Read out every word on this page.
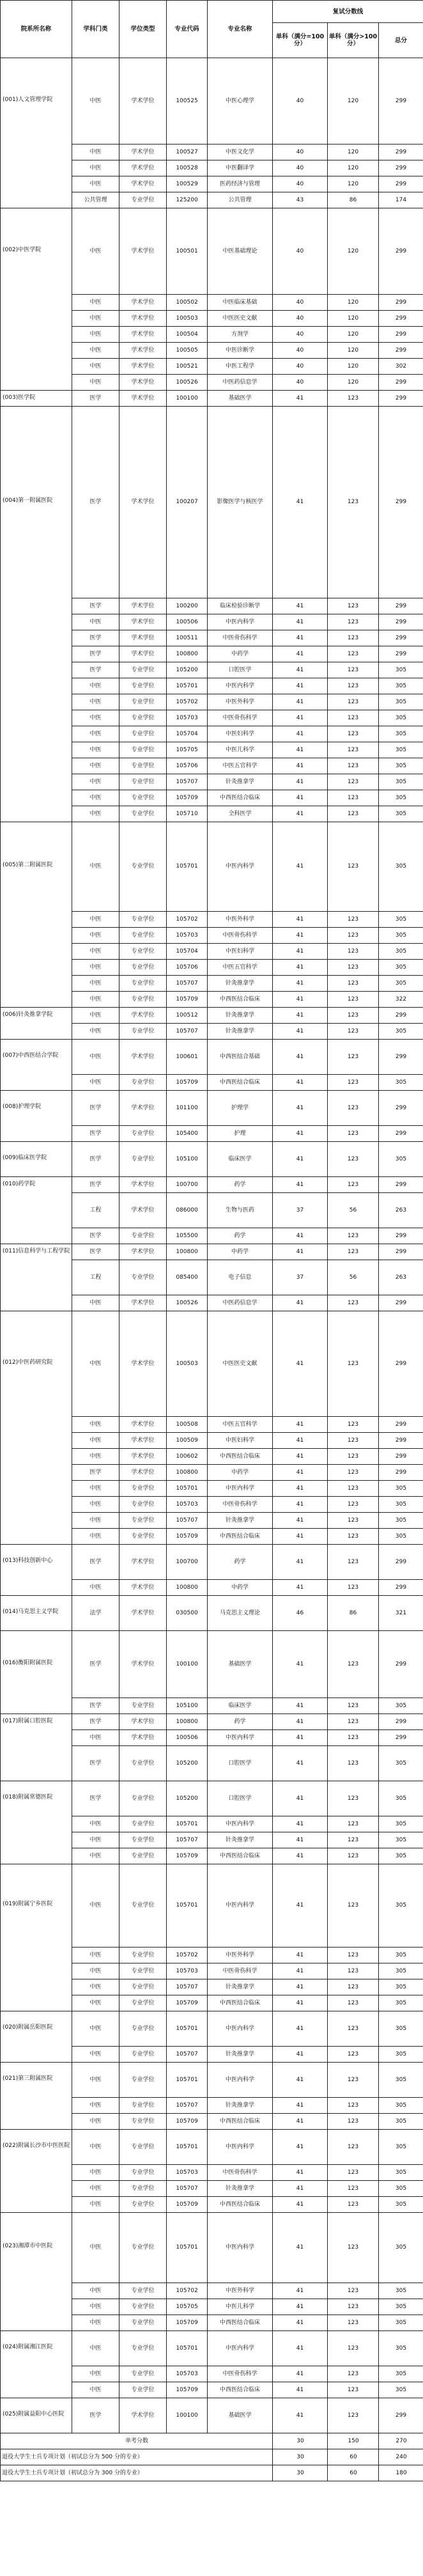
院系所名称	学科门类	学位类型	专业代码	专业名称	复试分数线		
					单科（满分=100 分）	单科（满分>100 分）	总分
(001)人文管理学院	中医	学术学位	100525	中医心理学	40	120	299
	中医	学术学位	100527	中医文化学	40	120	299
	中医	学术学位	100528	中医翻译学	40	120	299
	中医	学术学位	100529	医药经济与管理	40	120	299
	公共管理	专业学位	125200	公共管理	43	86	174
(002)中医学院	中医	学术学位	100501	中医基础理论	40	120	299
	中医	学术学位	100502	中医临床基础	40	120	299
	中医	学术学位	100503	中医医史文献	40	120	299
	中医	学术学位	100504	方剂学	40	120	299
	中医	学术学位	100505	中医诊断学	40	120	299
	中医	学术学位	100521	中医工程学	40	120	302
	中医	学术学位	100526	中医药信息学	40	120	299
(003)医学院	医学	学术学位	100100	基础医学	41	123	299
(004)第一附属医院	医学	学术学位	100207	影像医学与核医学	41	123	299
	医学	学术学位	100200	临床检验诊断学	41	123	299
	中医	学术学位	100506	中医内科学	41	123	299
	医学	学术学位	100511	中医骨伤科学	41	123	299
	医学	学术学位	100800	中药学	41	123	299
	医学	专业学位	105200	口腔医学	41	123	305
	中医	专业学位	105701	中医内科学	41	123	305
	中医	专业学位	105702	中医外科学	41	123	305
	中医	专业学位	105703	中医骨伤科学	41	123	305
	中医	专业学位	105704	中医妇科学	41	123	305
	中医	专业学位	105705	中医儿科学	41	123	305
	中医	专业学位	105706	中医五官科学	41	123	305
	中医	专业学位	105707	针灸推拿学	41	123	305
	中医	专业学位	105709	中西医结合临床	41	123	305
	中医	专业学位	105710	全科医学	41	123	305
(005)第二附属医院	中医	专业学位	105701	中医内科学	41	123	305
	中医	专业学位	105702	中医外科学	41	123	305
	中医	专业学位	105703	中医骨伤科学	41	123	305
	中医	专业学位	105704	中医妇科学	41	123	305
	中医	专业学位	105706	中医五官科学	41	123	305
	中医	专业学位	105707	针灸推拿学	41	123	305
	中医	专业学位	105709	中西医结合临床	41	123	322
(006)针灸推拿学院	中医	学术学位	100512	针灸推拿学	41	123	299
	中医	专业学位	105707	针灸推拿学	41	123	305
(007)中西医结合学院	中医	学术学位	100601	中西医结合基础	41	123	299
	中医	专业学位	105709	中西医结合临床	41	123	305
(008)护理学院	医学	学术学位	101100	护理学	41	123	299
	医学	专业学位	105400	护理	41	123	299
(009)临床医学院	医学	专业学位	105100	临床医学	41	123	305
(010)药学院	医学	学术学位	100700	药学	41	123	299
	工程	学术学位	086000	生物与医药	37	56	263
	医学	专业学位	105500	药学	41	123	299
(011)信息科学与工程学院	医学	学术学位	100800	中药学	41	123	299
	工程	专业学位	085400	电子信息	37	56	263
	中医	学术学位	100526	中医药信息学	41	123	299
(012)中医药研究院	中医	学术学位	100503	中医医史文献	41	123	299
	中医	学术学位	100508	中医五官科学	41	123	299
	中医	学术学位	100509	中医妇科学	41	123	299
	中医	学术学位	100602	中西医结合临床	41	123	299
	医学	学术学位	100800	中药学	41	123	299
	中医	专业学位	105701	中医内科学	41	123	305
	中医	专业学位	105703	中医骨伤科学	41	123	305
	中医	专业学位	105707	针灸推拿学	41	123	305
	中医	专业学位	105709	中西医结合临床	41	123	305
(013)科技创新中心	医学	学术学位	100700	药学	41	123	299
	中医	学术学位	100800	中药学	41	123	299
(014)马克思主义学院	法学	学术学位	030500	马克思主义理论	46	86	321
(016)衡阳附属医院	医学	学术学位	100100	基础医学	41	123	299
	医学	专业学位	105100	临床医学	41	123	305
(017)附属口腔医院	医学	学术学位	100800	药学	41	123	299
	中医	学术学位	100506	中医内科学	41	123	299
	医学	专业学位	105200	口腔医学	41	123	305
(018)附属常德医院	医学	专业学位	105200	口腔医学	41	123	305
	中医	专业学位	105701	中医内科学	41	123	305
	中医	专业学位	105707	针灸推拿学	41	123	305
	中医	专业学位	105709	中西医结合临床	41	123	305
(019)附属宁乡医院	中医	专业学位	105701	中医内科学	41	123	305
	中医	专业学位	105702	中医外科学	41	123	305
	中医	专业学位	105703	中医骨伤科学	41	123	305
	中医	专业学位	105707	针灸推拿学	41	123	305
	中医	专业学位	105709	中西医结合临床	41	123	305
(020)附属岳阳医院	中医	专业学位	105701	中医内科学	41	123	305
	中医	专业学位	105707	针灸推拿学	41	123	305
(021)第三附属医院	中医	专业学位	105701	中医内科学	41	123	305
	中医	专业学位	105707	针灸推拿学	41	123	305
	中医	专业学位	105709	中西医结合临床	41	123	305
(022)附属长沙市中医医院	中医	专业学位	105701	中医内科学	41	123	305
	中医	专业学位	105703	中医骨伤科学	41	123	305
	中医	专业学位	105707	针灸推拿学	41	123	305
	中医	专业学位	105709	中西医结合临床	41	123	305
(023)湘潭市中医院	中医	专业学位	105701	中医内科学	41	123	305
	中医	专业学位	105702	中医外科学	41	123	305
	中医	专业学位	105705	中医儿科学	41	123	305
	中医	专业学位	105709	中西医结合临床	41	123	305
(024)附属湘江医院	中医	专业学位	105701	中医内科学	41	123	305
	中医	专业学位	105703	中医骨伤科学	41	123	305
	中医	专业学位	105709	中西医结合临床	41	123	305
(025)附属益阳中心医院	医学	学术学位	100100	基础医学	41	123	299
单考分数					30	150	270
退役大学生士兵专项计划（初试总分为 500 分的专业）					30	60	240
退役大学生士兵专项计划（初试总分为 300 分的专业）					30	60	180
